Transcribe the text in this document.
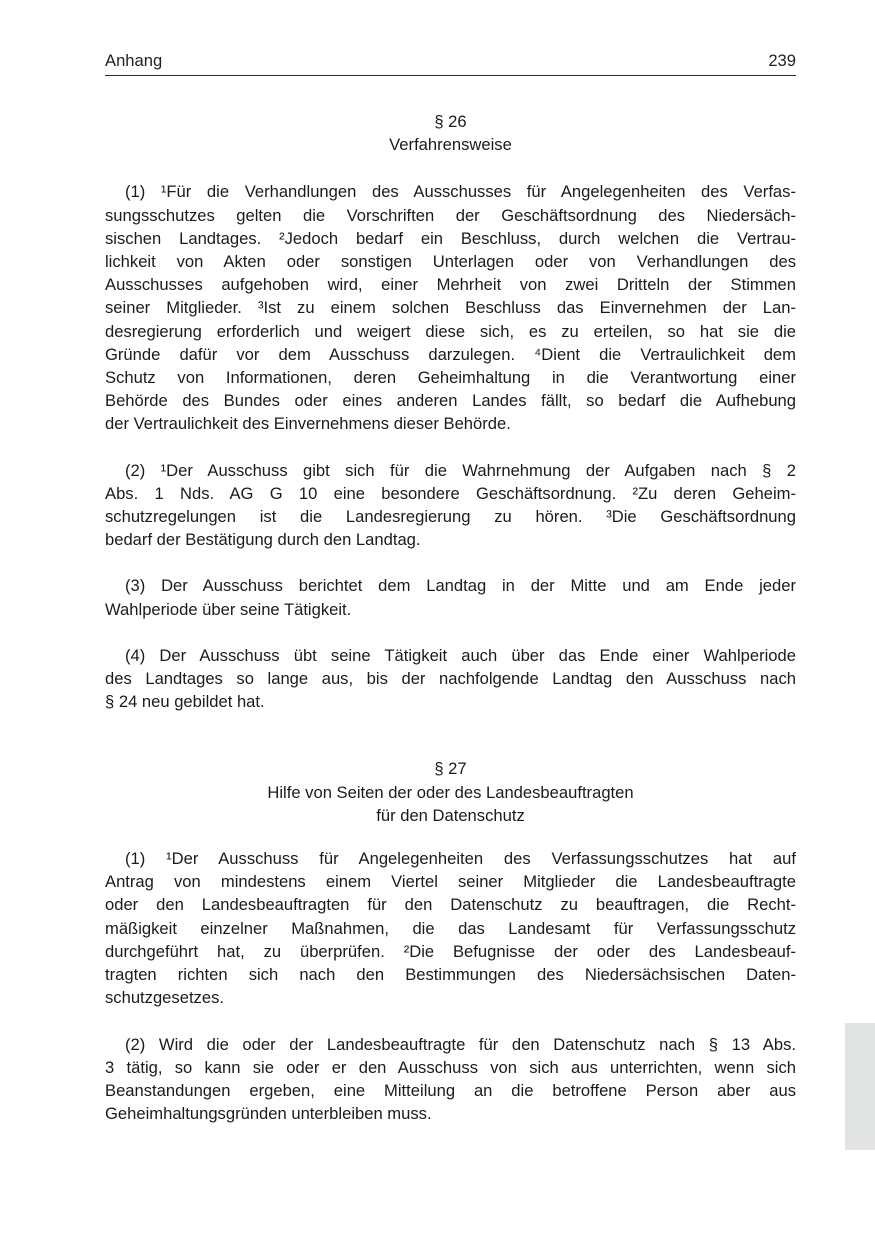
Anhang	239
§ 26
Verfahrensweise
(1) ¹Für die Verhandlungen des Ausschusses für Angelegenheiten des Verfas-
sungsschutzes gelten die Vorschriften der Geschäftsordnung des Niedersäch-
sischen Landtages. ²Jedoch bedarf ein Beschluss, durch welchen die Vertrau-
lichkeit von Akten oder sonstigen Unterlagen oder von Verhandlungen des
Ausschusses aufgehoben wird, einer Mehrheit von zwei Dritteln der Stimmen
seiner Mitglieder. ³Ist zu einem solchen Beschluss das Einvernehmen der Lan-
desregierung erforderlich und weigert diese sich, es zu erteilen, so hat sie die
Gründe dafür vor dem Ausschuss darzulegen. ⁴Dient die Vertraulichkeit dem
Schutz von Informationen, deren Geheimhaltung in die Verantwortung einer
Behörde des Bundes oder eines anderen Landes fällt, so bedarf die Aufhebung
der Vertraulichkeit des Einvernehmens dieser Behörde.
(2) ¹Der Ausschuss gibt sich für die Wahrnehmung der Aufgaben nach § 2
Abs. 1 Nds. AG G 10 eine besondere Geschäftsordnung. ²Zu deren Geheim-
schutzregelungen ist die Landesregierung zu hören. ³Die Geschäftsordnung
bedarf der Bestätigung durch den Landtag.
(3) Der Ausschuss berichtet dem Landtag in der Mitte und am Ende jeder
Wahlperiode über seine Tätigkeit.
(4) Der Ausschuss übt seine Tätigkeit auch über das Ende einer Wahlperiode
des Landtages so lange aus, bis der nachfolgende Landtag den Ausschuss nach
§ 24 neu gebildet hat.
§ 27
Hilfe von Seiten der oder des Landesbeauftragten
für den Datenschutz
(1) ¹Der Ausschuss für Angelegenheiten des Verfassungsschutzes hat auf
Antrag von mindestens einem Viertel seiner Mitglieder die Landesbeauftragte
oder den Landesbeauftragten für den Datenschutz zu beauftragen, die Recht-
mäßigkeit einzelner Maßnahmen, die das Landesamt für Verfassungsschutz
durchgeführt hat, zu überprüfen. ²Die Befugnisse der oder des Landesbeauf-
tragten richten sich nach den Bestimmungen des Niedersächsischen Daten-
schutzgesetzes.
(2) Wird die oder der Landesbeauftragte für den Datenschutz nach § 13 Abs.
3 tätig, so kann sie oder er den Ausschuss von sich aus unterrichten, wenn sich
Beanstandungen ergeben, eine Mitteilung an die betroffene Person aber aus
Geheimhaltungsgründen unterbleiben muss.
